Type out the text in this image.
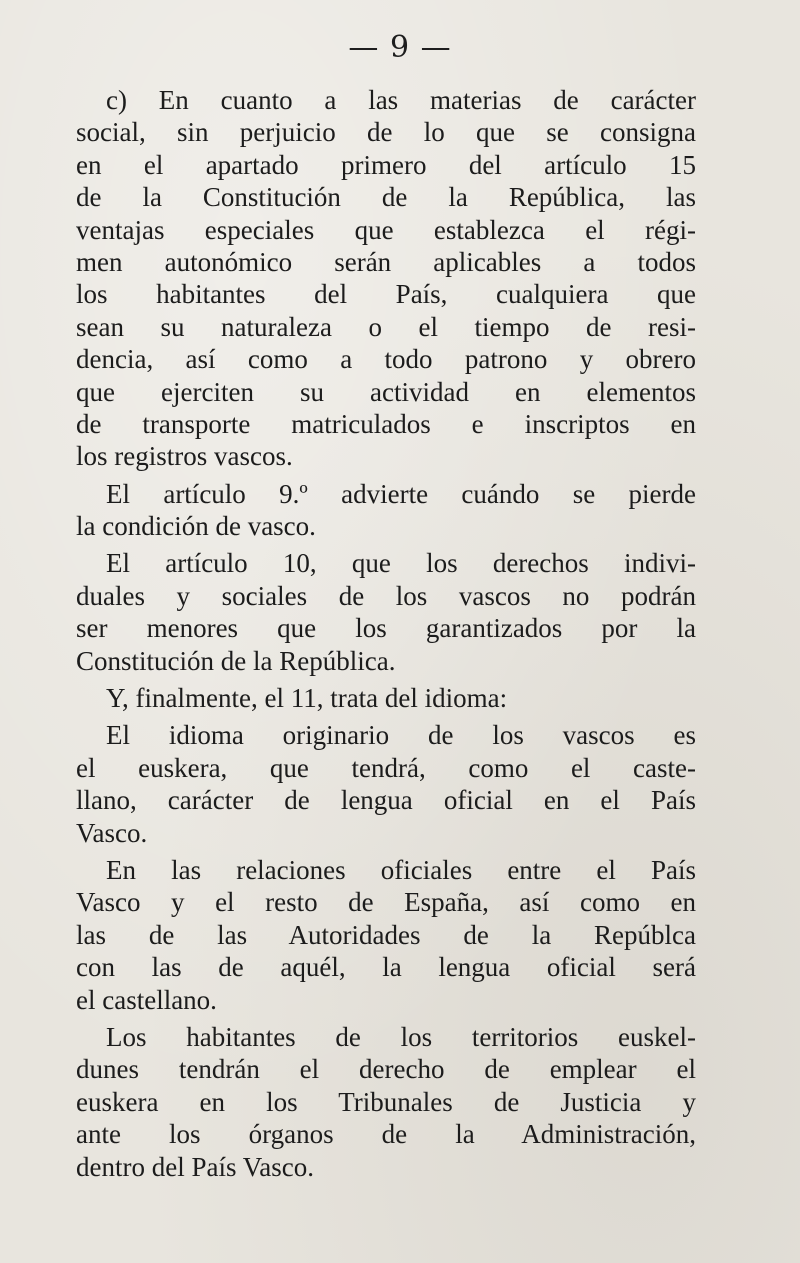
— 9 —
c) En cuanto a las materias de carácter
social, sin perjuicio de lo que se consigna
en el apartado primero del artículo 15
de la Constitución de la República, las
ventajas especiales que establezca el régi-
men autonómico serán aplicables a todos
los habitantes del País, cualquiera que
sean su naturaleza o el tiempo de resi-
dencia, así como a todo patrono y obrero
que ejerciten su actividad en elementos
de transporte matriculados e inscriptos en
los registros vascos.
El artículo 9.º advierte cuándo se pierde
la condición de vasco.
El artículo 10, que los derechos indivi-
duales y sociales de los vascos no podrán
ser menores que los garantizados por la
Constitución de la República.
Y, finalmente, el 11, trata del idioma:
El idioma originario de los vascos es
el euskera, que tendrá, como el caste-
llano, carácter de lengua oficial en el País
Vasco.
En las relaciones oficiales entre el País
Vasco y el resto de España, así como en
las de las Autoridades de la Repúblca
con las de aquél, la lengua oficial será
el castellano.
Los habitantes de los territorios euskel-
dunes tendrán el derecho de emplear el
euskera en los Tribunales de Justicia y
ante los órganos de la Administración,
dentro del País Vasco.
